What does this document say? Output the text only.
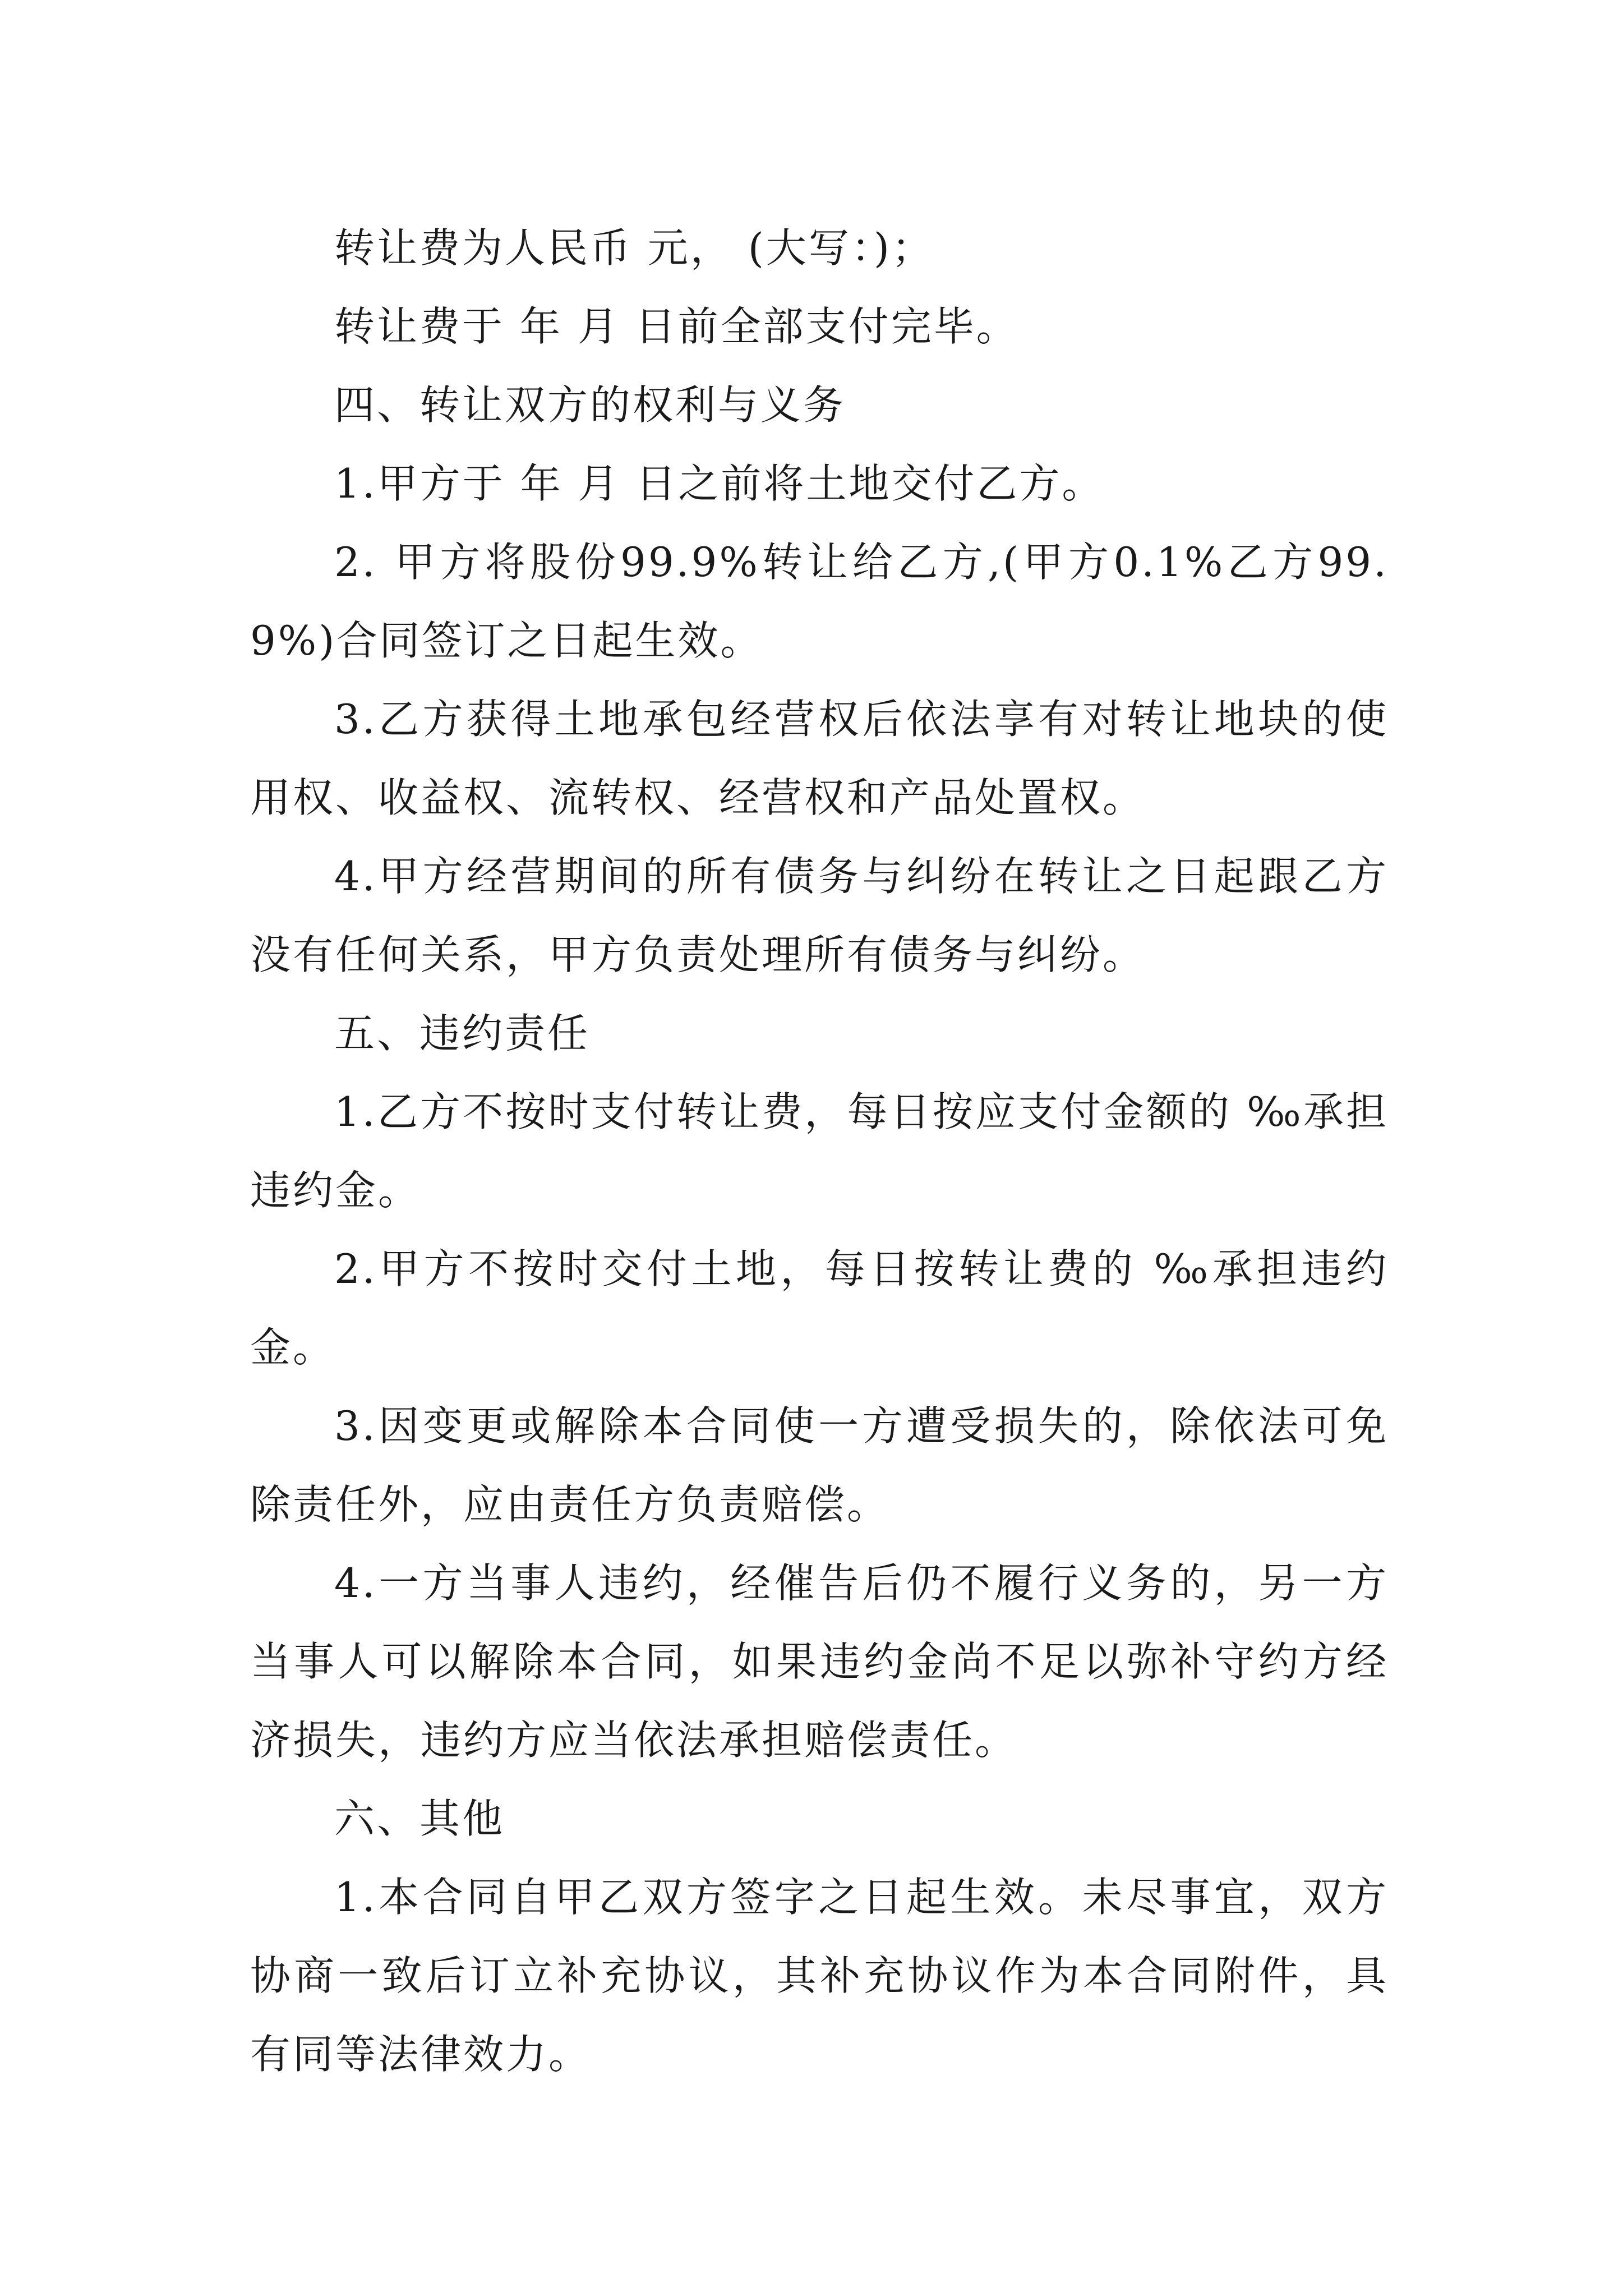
转让费为人民币 元， (大写：)；

转让费于 年 月 日前全部支付完毕。

四、转让双方的权利与义务

1.甲方于 年 月 日之前将土地交付乙方。

2. 甲方将股份99.9%转让给乙方,(甲方0.1%乙方99.9%)合同签订之日起生效。

3.乙方获得土地承包经营权后依法享有对转让地块的使用权、收益权、流转权、经营权和产品处置权。

4.甲方经营期间的所有债务与纠纷在转让之日起跟乙方没有任何关系，甲方负责处理所有债务与纠纷。

五、违约责任

1.乙方不按时支付转让费，每日按应支付金额的 ‰承担违约金。

2.甲方不按时交付土地，每日按转让费的 ‰承担违约金。

3.因变更或解除本合同使一方遭受损失的，除依法可免除责任外，应由责任方负责赔偿。

4.一方当事人违约，经催告后仍不履行义务的，另一方当事人可以解除本合同，如果违约金尚不足以弥补守约方经济损失，违约方应当依法承担赔偿责任。

六、其他

1.本合同自甲乙双方签字之日起生效。未尽事宜，双方协商一致后订立补充协议，其补充协议作为本合同附件，具有同等法律效力。
